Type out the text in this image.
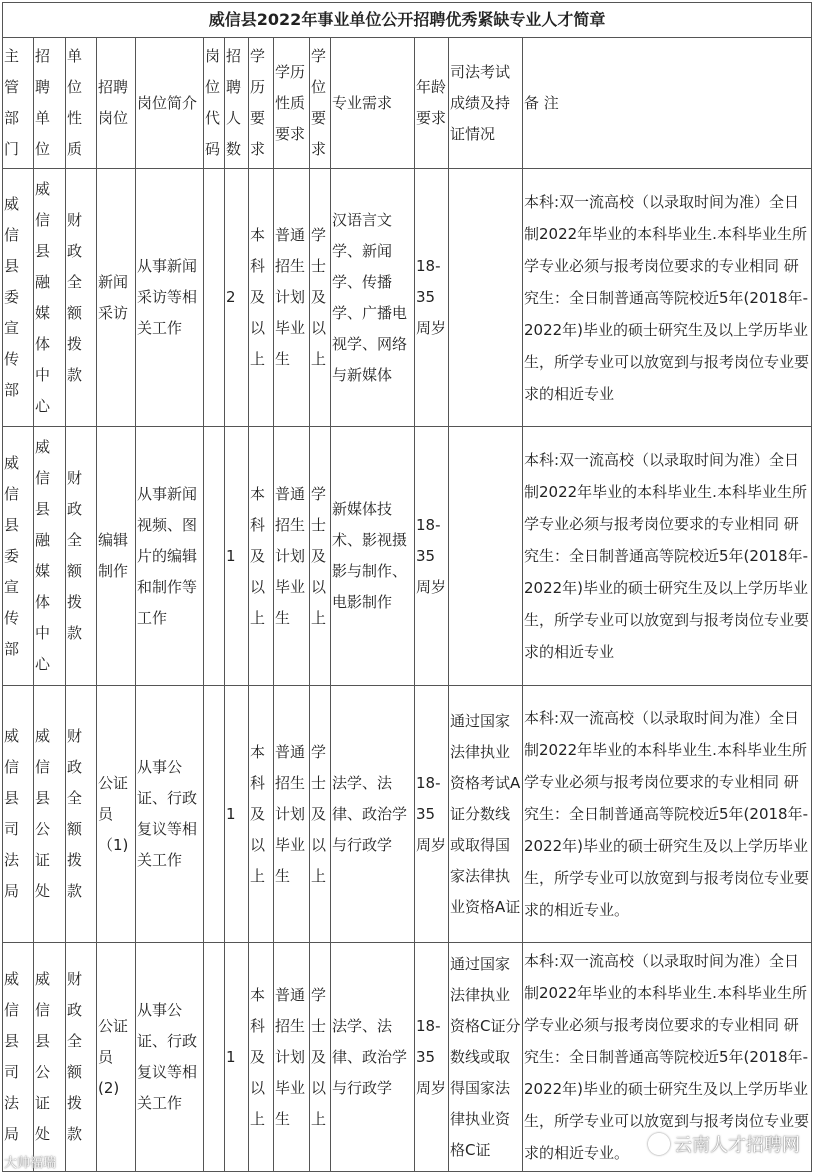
威信县2022年事业单位公开招聘优秀紧缺专业人才简章													
主管部门	招聘单位	单位性质	招聘岗位	岗位简介	岗位代码	招聘人数	学历要求	学历性质要求	学位要求	专业需求	年龄要求	司法考试成绩及持证情况	备 注
威信县委宣传部	威信县融媒体中心	财政全额拨款	新闻采访	从事新闻采访等相关工作		2	本科及以上	普通招生计划毕业生	学士及以上	汉语言文学、新闻学、传播学、广播电视学、网络与新媒体	18-35周岁		本科:双一流高校（以录取时间为准）全日制2022年毕业的本科毕业生.本科毕业生所学专业必须与报考岗位要求的专业相同 研究生：全日制普通高等院校近5年(2018年-2022年)毕业的硕士研究生及以上学历毕业生，所学专业可以放宽到与报考岗位专业要求的相近专业
威信县委宣传部	威信县融媒体中心	财政全额拨款	编辑制作	从事新闻视频、图片的编辑和制作等工作		1	本科及以上	普通招生计划毕业生	学士及以上	新媒体技术、影视摄影与制作、电影制作	18-35周岁		本科:双一流高校（以录取时间为准）全日制2022年毕业的本科毕业生.本科毕业生所学专业必须与报考岗位要求的专业相同 研究生：全日制普通高等院校近5年(2018年-2022年)毕业的硕士研究生及以上学历毕业生，所学专业可以放宽到与报考岗位专业要求的相近专业
威信县司法局	威信县公证处	财政全额拨款	公证员（1)	从事公证、行政复议等相关工作		1	本科及以上	普通招生计划毕业生	学士及以上	法学、法律、政治学与行政学	18-35周岁	通过国家法律执业资格考试A证分数线或取得国家法律执业资格A证	本科:双一流高校（以录取时间为准）全日制2022年毕业的本科毕业生.本科毕业生所学专业必须与报考岗位要求的专业相同 研究生：全日制普通高等院校近5年(2018年-2022年)毕业的硕士研究生及以上学历毕业生，所学专业可以放宽到与报考岗位专业要求的相近专业。
威信县司法局	威信县公证处	财政全额拨款	公证员(2)	从事公证、行政复议等相关工作		1	本科及以上	普通招生计划毕业生	学士及以上	法学、法律、政治学与行政学	18-35周岁	通过国家法律执业资格C证分数线或取得国家法律执业资格C证	本科:双一流高校（以录取时间为准）全日制2022年毕业的本科毕业生.本科毕业生所学专业必须与报考岗位要求的专业相同 研究生：全日制普通高等院校近5年(2018年-2022年)毕业的硕士研究生及以上学历毕业生，所学专业可以放宽到与报考岗位专业要求的相近专业。
大帅福瑞
云南人才招聘网
